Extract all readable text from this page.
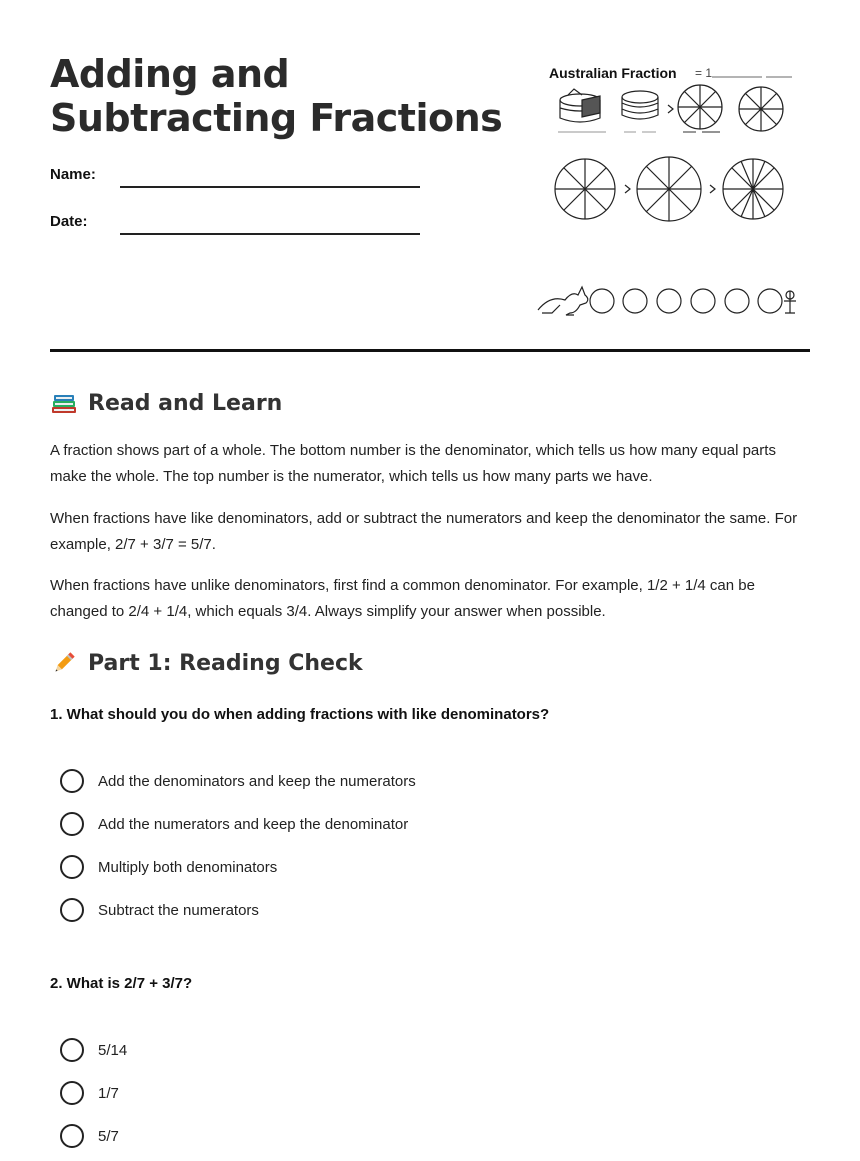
Adding and Subtracting Fractions
Name:
Date:
Australian Fraction = 1
Read and Learn
A fraction shows part of a whole. The bottom number is the denominator, which tells us how many equal parts make the whole. The top number is the numerator, which tells us how many parts we have.
When fractions have like denominators, add or subtract the numerators and keep the denominator the same. For example, 2/7 + 3/7 = 5/7.
When fractions have unlike denominators, first find a common denominator. For example, 1/2 + 1/4 can be changed to 2/4 + 1/4, which equals 3/4. Always simplify your answer when possible.
Part 1: Reading Check
1. What should you do when adding fractions with like denominators?
Add the denominators and keep the numerators
Add the numerators and keep the denominator
Multiply both denominators
Subtract the numerators
2. What is 2/7 + 3/7?
5/14
1/7
5/7
